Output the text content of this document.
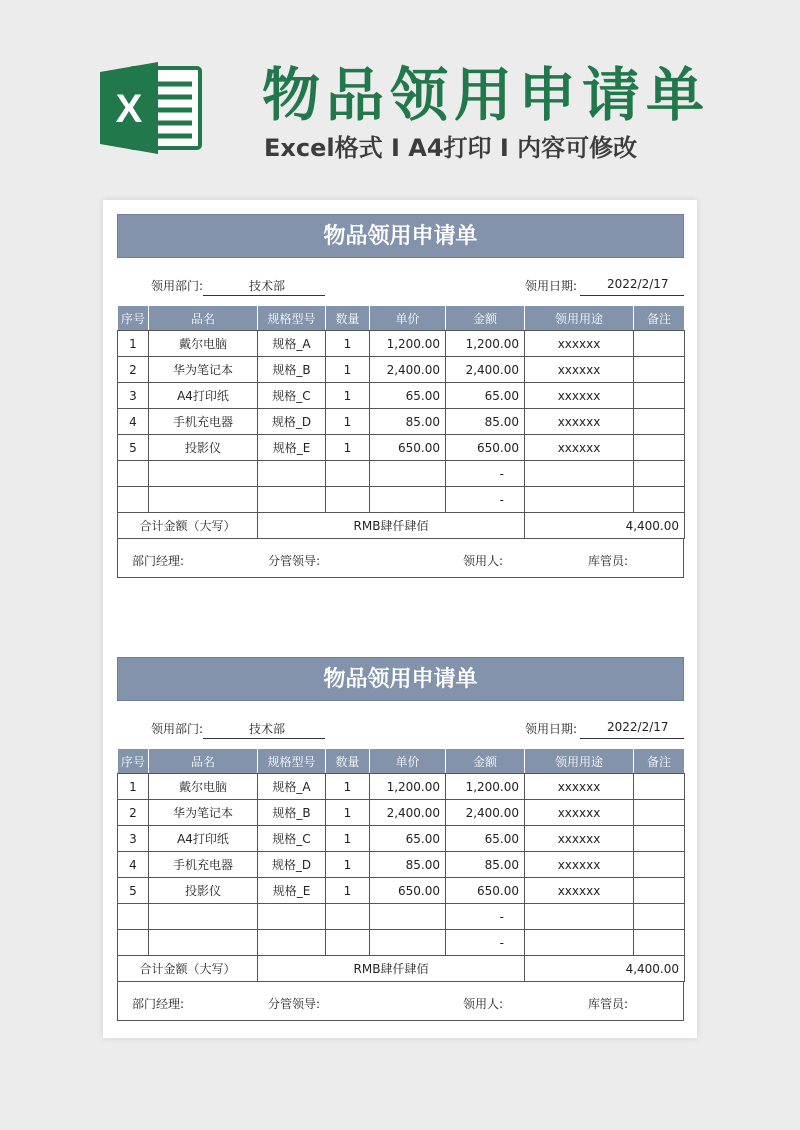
X 物品领用申请单
Excel格式 I A4打印 I 内容可修改
物品领用申请单
领用部门:	技术部	领用日期: 2022/2/17
序号	品名	规格型号	数量	单价	金额	领用用途	备注
1	戴尔电脑	规格_A	1	1,200.00	1,200.00	xxxxxx	
2	华为笔记本	规格_B	1	2,400.00	2,400.00	xxxxxx	
3	A4打印纸	规格_C	1	65.00	65.00	xxxxxx	
4	手机充电器	规格_D	1	85.00	85.00	xxxxxx	
5	投影仪	规格_E	1	650.00	650.00	xxxxxx	
					-		
					-		
合计金额（大写）		RMB肆仟肆佰				4,400.00	
部门经理:	分管领导:	领用人:	库管员:
物品领用申请单
领用部门:	技术部	领用日期: 2022/2/17
序号	品名	规格型号	数量	单价	金额	领用用途	备注
1	戴尔电脑	规格_A	1	1,200.00	1,200.00	xxxxxx	
2	华为笔记本	规格_B	1	2,400.00	2,400.00	xxxxxx	
3	A4打印纸	规格_C	1	65.00	65.00	xxxxxx	
4	手机充电器	规格_D	1	85.00	85.00	xxxxxx	
5	投影仪	规格_E	1	650.00	650.00	xxxxxx	
					-		
					-		
合计金额（大写）		RMB肆仟肆佰				4,400.00	
部门经理:	分管领导:	领用人:	库管员:
